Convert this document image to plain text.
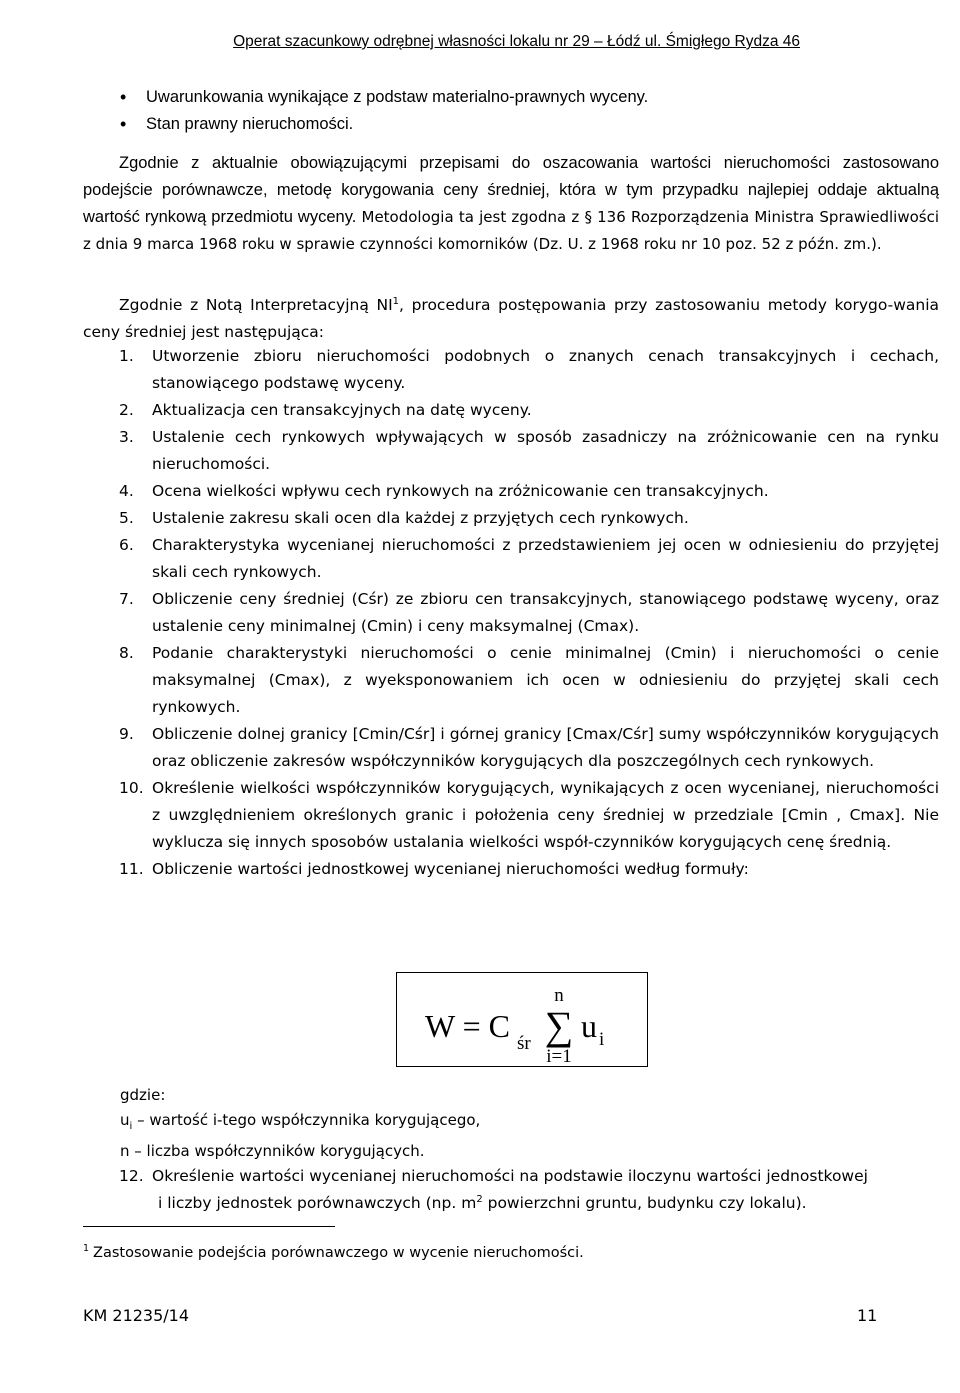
Operat szacunkowy odrębnej własności lokalu nr 29 – Łódź ul. Śmigłego Rydza 46
• Uwarunkowania wynikające z podstaw materialno-prawnych wyceny.
• Stan prawny nieruchomości.

Zgodnie z aktualnie obowiązującymi przepisami do oszacowania wartości nieruchomości zastosowano podejście porównawcze, metodę korygowania ceny średniej, która w tym przypadku najlepiej oddaje aktualną wartość rynkową przedmiotu wyceny. Metodologia ta jest zgodna z § 136 Rozporządzenia Ministra Sprawiedliwości z dnia 9 marca 1968 roku w sprawie czynności komorników (Dz. U. z 1968 roku nr 10 poz. 52 z późn. zm.).

Zgodnie z Notą Interpretacyjną $NI^1$, procedura postępowania przy zastosowaniu metody korygo-wania ceny średniej jest następująca:

1. Utworzenie zbioru nieruchomości podobnych o znanych cenach transakcyjnych i cechach, stanowiącego podstawę wyceny.
2. Aktualizacja cen transakcyjnych na datę wyceny.
3. Ustalenie cech rynkowych wpływających w sposób zasadniczy na zróżnicowanie cen na rynku nieruchomości.
4. Ocena wielkości wpływu cech rynkowych na zróżnicowanie cen transakcyjnych.
5. Ustalenie zakresu skali ocen dla każdej z przyjętych cech rynkowych.
6. Charakterystyka wycenianej nieruchomości z przedstawieniem jej ocen w odniesieniu do przyjętej skali cech rynkowych.
7. Obliczenie ceny średniej (Cśr) ze zbioru cen transakcyjnych, stanowiącego podstawę wyceny, oraz ustalenie ceny minimalnej (Cmin) i ceny maksymalnej (Cmax).
8. Podanie charakterystyki nieruchomości o cenie minimalnej (Cmin) i nieruchomości o cenie maksymalnej (Cmax), z wyeksponowaniem ich ocen w odniesieniu do przyjętej skali cech rynkowych.
9. Obliczenie dolnej granicy [Cmin/Cśr] i górnej granicy [Cmax/Cśr] sumy współczynników korygujących oraz obliczenie zakresów współczynników korygujących dla poszczególnych cech rynkowych.
10. Określenie wielkości współczynników korygujących, wynikających z ocen wycenianej, nieruchomości z uwzględnieniem określonych granic i położenia ceny średniej w przedziale [Cmin , Cmax]. Nie wyklucza się innych sposobów ustalania wielkości współ-czynników korygujących cenę średnią.
11. Obliczenie wartości jednostkowej wycenianej nieruchomości według formuły:
W = C śr
n
∑
i=1
u i
gdzie:
$u_i$ – wartość i-tego współczynnika korygującego,
n – liczba współczynników korygujących.
12. Określenie wartości wycenianej nieruchomości na podstawie iloczynu wartości jednostkowej
i liczby jednostek porównawczych (np. $m^2$ powierzchni gruntu, budynku czy lokalu).
$^1$ Zastosowanie podejścia porównawczego w wycenie nieruchomości.
KM 21235/14	11
